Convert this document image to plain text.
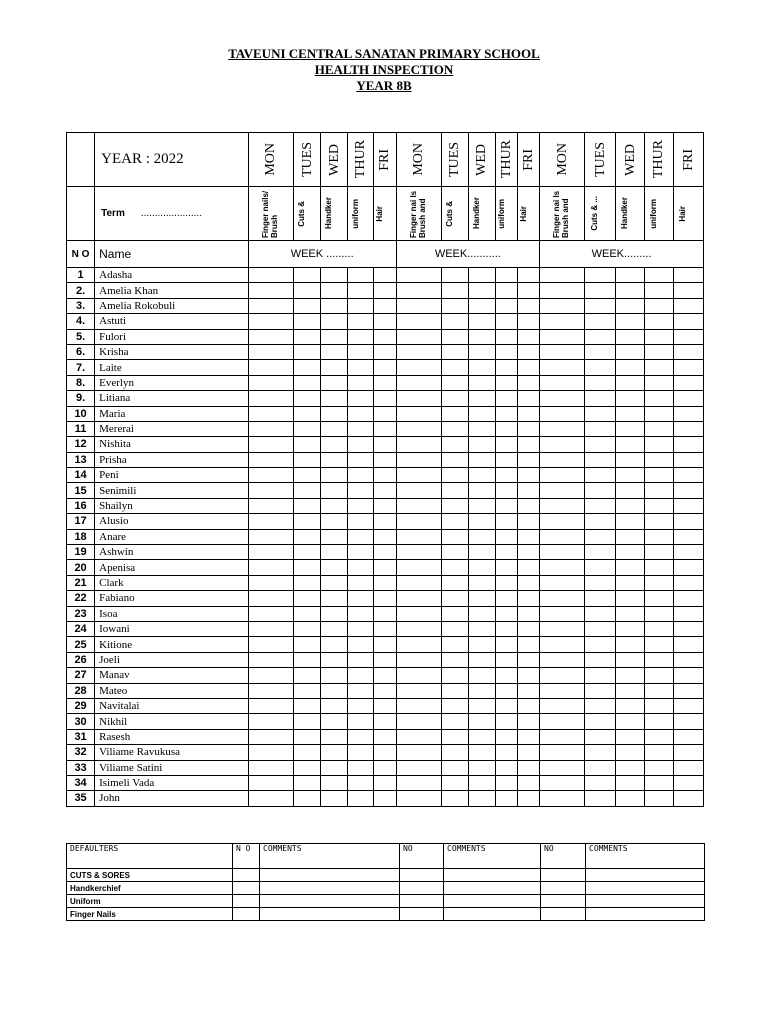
TAVEUNI CENTRAL SANATAN PRIMARY SCHOOL
HEALTH INSPECTION
YEAR 8B
	YEAR : 2022	MON	TUES	WED	THUR	FRI	MON	TUES	WED	THUR	FRI	MON	TUES	WED	THUR	FRI

	Term ......................	Finger nails/ Brush	Cuts &	Handker	uniform	Hair	Finger nai ls Brush and	Cuts &	Handker	uniform	Hair	Finger nai ls Brush and	Cuts & ...	Handker	uniform	Hair

N O	Name	WEEK .........					WEEK...........					WEEK.........				
1	Adasha															
2.	Amelia Khan															
3.	Amelia Rokobuli															
4.	Astuti															
5.	Fulori															
6.	Krisha															
7.	Laite															
8.	Everlyn															
9.	Litiana															
10	Maria															
11	Mererai															
12	Nishita															
13	Prisha															
14	Peni															
15	Senimili															
16	Shailyn															
17	Alusio															
18	Anare															
19	Ashwin															
20	Apenisa															
21	Clark															
22	Fabiano															
23	Isoa															
24	Iowani															
25	Kitione															
26	Joeli															
27	Manav															
28	Mateo															
29	Navitalai															
30	Nikhil															
31	Rasesh															
32	Viliame Ravukusa															
33	Viliame Satini															
34	Isimeli Vada															
35	John															
DEFAULTERS	N O	COMMENTS	NO	COMMENTS	NO	COMMENTS
CUTS & SORES						
Handkerchief						
Uniform						
Finger Nails						
